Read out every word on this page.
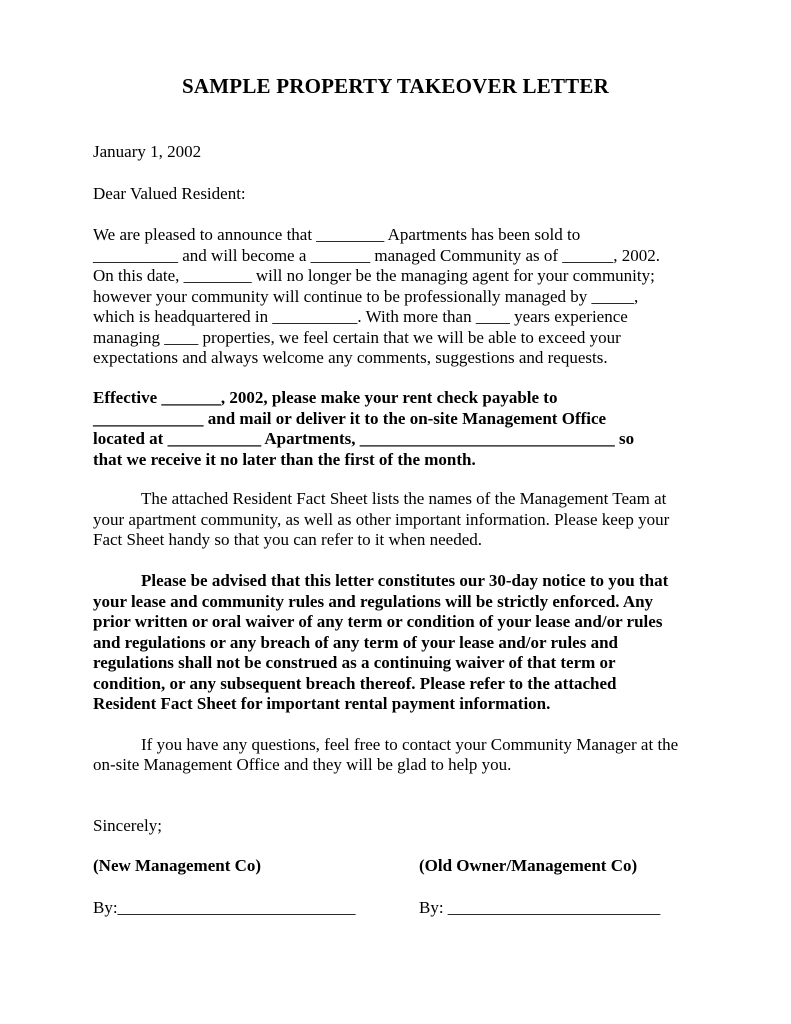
SAMPLE PROPERTY TAKEOVER LETTER

January 1, 2002

Dear Valued Resident:

We are pleased to announce that ________ Apartments has been sold to

__________ and will become a _______ managed Community as of ______, 2002.

On this date, ________ will no longer be the managing agent for your community;

however your community will continue to be professionally managed by _____,

which is headquartered in __________. With more than ____ years experience

managing ____ properties, we feel certain that we will be able to exceed your

expectations and always welcome any comments, suggestions and requests.

Effective _______, 2002, please make your rent check payable to

_____________ and mail or deliver it to the on-site Management Office

located at ___________ Apartments, ______________________________ so

that we receive it no later than the first of the month.

The attached Resident Fact Sheet lists the names of the Management Team at

your apartment community, as well as other important information. Please keep your

Fact Sheet handy so that you can refer to it when needed.

Please be advised that this letter constitutes our 30-day notice to you that

your lease and community rules and regulations will be strictly enforced. Any

prior written or oral waiver of any term or condition of your lease and/or rules

and regulations or any breach of any term of your lease and/or rules and

regulations shall not be construed as a continuing waiver of that term or

condition, or any subsequent breach thereof. Please refer to the attached

Resident Fact Sheet for important rental payment information.

If you have any questions, feel free to contact your Community Manager at the

on-site Management Office and they will be glad to help you.

Sincerely;

(New Management Co)	(Old Owner/Management Co)

By:____________________________	By: _________________________
